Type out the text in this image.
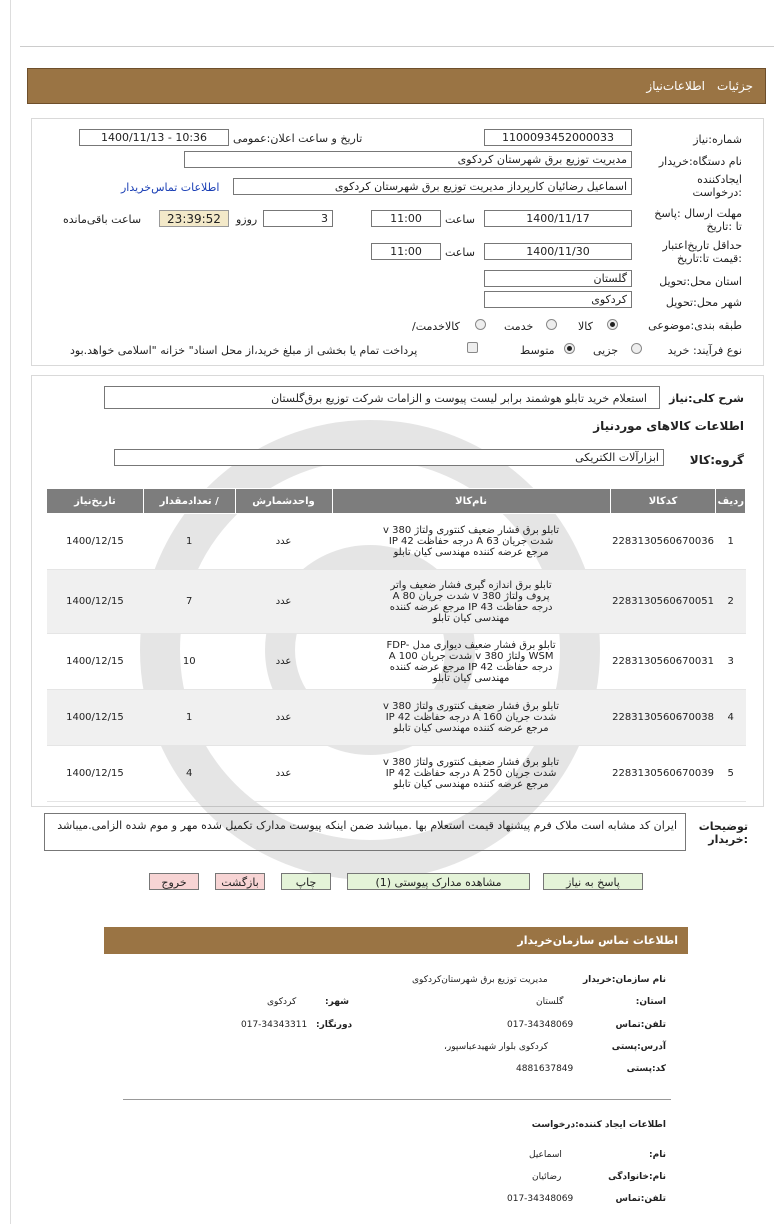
جزئیات
اطلاعات‌نیاز
شماره:نیاز
1100093452000033
تاریخ و ساعت اعلان:عمومی
1400/11/13 - 10:36
نام دستگاه:خریدار
مدیریت توزیع برق شهرستان کردکوی
ایجادکننده :درخواست
اسماعیل رضائیان کارپرداز مدیریت توزیع برق شهرستان کردکوی
اطلاعات تماس‌خریدار
مهلت ارسال :پاسخ تا :تاریخ
1400/11/17
ساعت
11:00
3
روزو
23:39:52
ساعت باقی‌مانده
حداقل تاریخ‌اعتبار :قیمت تا:تاریخ
1400/11/30
ساعت
11:00
استان محل:تحویل
گلستان
شهر محل:تحویل
کردکوی
طبقه بندی:موضوعی
کالا
خدمت
/کالاخدمت
نوع فرآیند: خرید
جزیی
متوسط
پرداخت تمام یا بخشی از مبلغ خرید،از محل اسناد" خزانه "اسلامی خواهد.بود
شرح کلی:نیاز
استعلام خرید تابلو هوشمند برابر لیست پیوست و الزامات شرکت توزیع برق‌گلستان
اطلاعات کالاهای موردنیاز
گروه:کالا
ابزارآلات الکتریکی
ردیف	کدکالا	نام‌کالا	واحدشمارش	/ تعدادمقدار	تاریخ‌نیاز
1	2283130560670036	تابلو برق فشار ضعیف کنتوری ولتاژ v 380 شدت جریان A 63 درجه حفاظت IP 42 مرجع عرضه کننده مهندسی کیان تابلو	عدد	1	1400/12/15
2	2283130560670051	تابلو برق اندازه گیری فشار ضعیف واتر پروف ولتاژ v 380 شدت جریان A 80 درجه حفاظت 43 IP مرجع عرضه کننده مهندسی کیان تابلو	عدد	7	1400/12/15
3	2283130560670031	تابلو برق فشار ضعیف دیواری مدل FDP-WSM ولتاژ v 380 شدت جریان A 100 درجه حفاظت IP 42 مرجع عرضه کننده مهندسی کیان تابلو	عدد	10	1400/12/15
4	2283130560670038	تابلو برق فشار ضعیف کنتوری ولتاژ v 380 شدت جریان A 160 درجه حفاظت IP 42 مرجع عرضه کننده مهندسی کیان تابلو	عدد	1	1400/12/15
5	2283130560670039	تابلو برق فشار ضعیف کنتوری ولتاژ v 380 شدت جریان A 250 درجه حفاظت IP 42 مرجع عرضه کننده مهندسی کیان تابلو	عدد	4	1400/12/15
توضیحات :خریدار
ایران کد مشابه است ملاک فرم پیشنهاد قیمت استعلام بها .میباشد ضمن اینکه پیوست مدارک تکمیل شده مهر و موم شده الزامی.میباشد
پاسخ به نیاز
مشاهده مدارک پیوستی (1)
چاپ
بازگشت
خروج
اطلاعات تماس سازمان‌خریدار
نام سازمان:خریدار
مدیریت توزیع برق شهرستان‌کردکوی
:استان
گلستان
:شهر
کردکوی
تلفن:تماس
017-34348069
:دورنگار
017-34343311
آدرس:پستی
،کردکوی بلوار شهیدعباسپور
کد:پستی
4881637849
اطلاعات ایجاد کننده:درخواست
:نام
اسماعیل
نام:خانوادگی
رضائیان
تلفن:تماس
017-34348069
